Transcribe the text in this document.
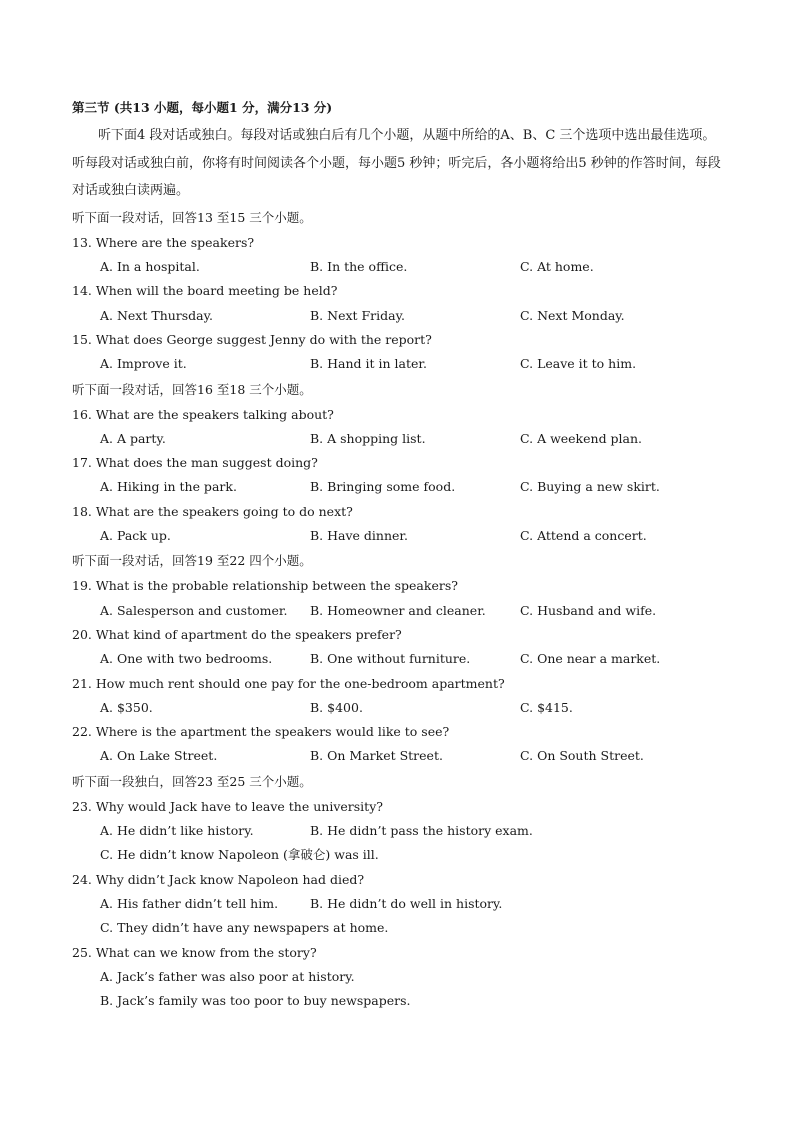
第三节 (共13 小题，每小题1 分，满分13 分)

听下面4 段对话或独白。每段对话或独白后有几个小题，从题中所给的A、B、C 三个选项中选出最佳选项。听每段对话或独白前，你将有时间阅读各个小题，每小题5 秒钟；听完后，各小题将给出5 秒钟的作答时间，每段对话或独白读两遍。

听下面一段对话，回答13 至15 三个小题。
13. Where are the speakers?
A. In a hospital.	B. In the office.	C. At home.
14. When will the board meeting be held?
A. Next Thursday.	B. Next Friday.	C. Next Monday.
15. What does George suggest Jenny do with the report?
A. Improve it.	B. Hand it in later.	C. Leave it to him.
听下面一段对话，回答16 至18 三个小题。
16. What are the speakers talking about?
A. A party.	B. A shopping list.	C. A weekend plan.
17. What does the man suggest doing?
A. Hiking in the park.	B. Bringing some food.	C. Buying a new skirt.
18. What are the speakers going to do next?
A. Pack up.	B. Have dinner.	C. Attend a concert.
听下面一段对话，回答19 至22 四个小题。
19. What is the probable relationship between the speakers?
A. Salesperson and customer. B. Homeowner and cleaner.	C. Husband and wife.
20. What kind of apartment do the speakers prefer?
A. One with two bedrooms.	B. One without furniture.	C. One near a market.
21. How much rent should one pay for the one-bedroom apartment?
A. $350.	B. $400.	C. $415.
22. Where is the apartment the speakers would like to see?
A. On Lake Street.	B. On Market Street.	C. On South Street.
听下面一段独白，回答23 至25 三个小题。
23. Why would Jack have to leave the university?
A. He didn’t like history.	B. He didn’t pass the history exam.
C. He didn’t know Napoleon (拿破仑) was ill.
24. Why didn’t Jack know Napoleon had died?
A. His father didn’t tell him.	B. He didn’t do well in history.
C. They didn’t have any newspapers at home.
25. What can we know from the story?
A. Jack’s father was also poor at history.
B. Jack’s family was too poor to buy newspapers.
